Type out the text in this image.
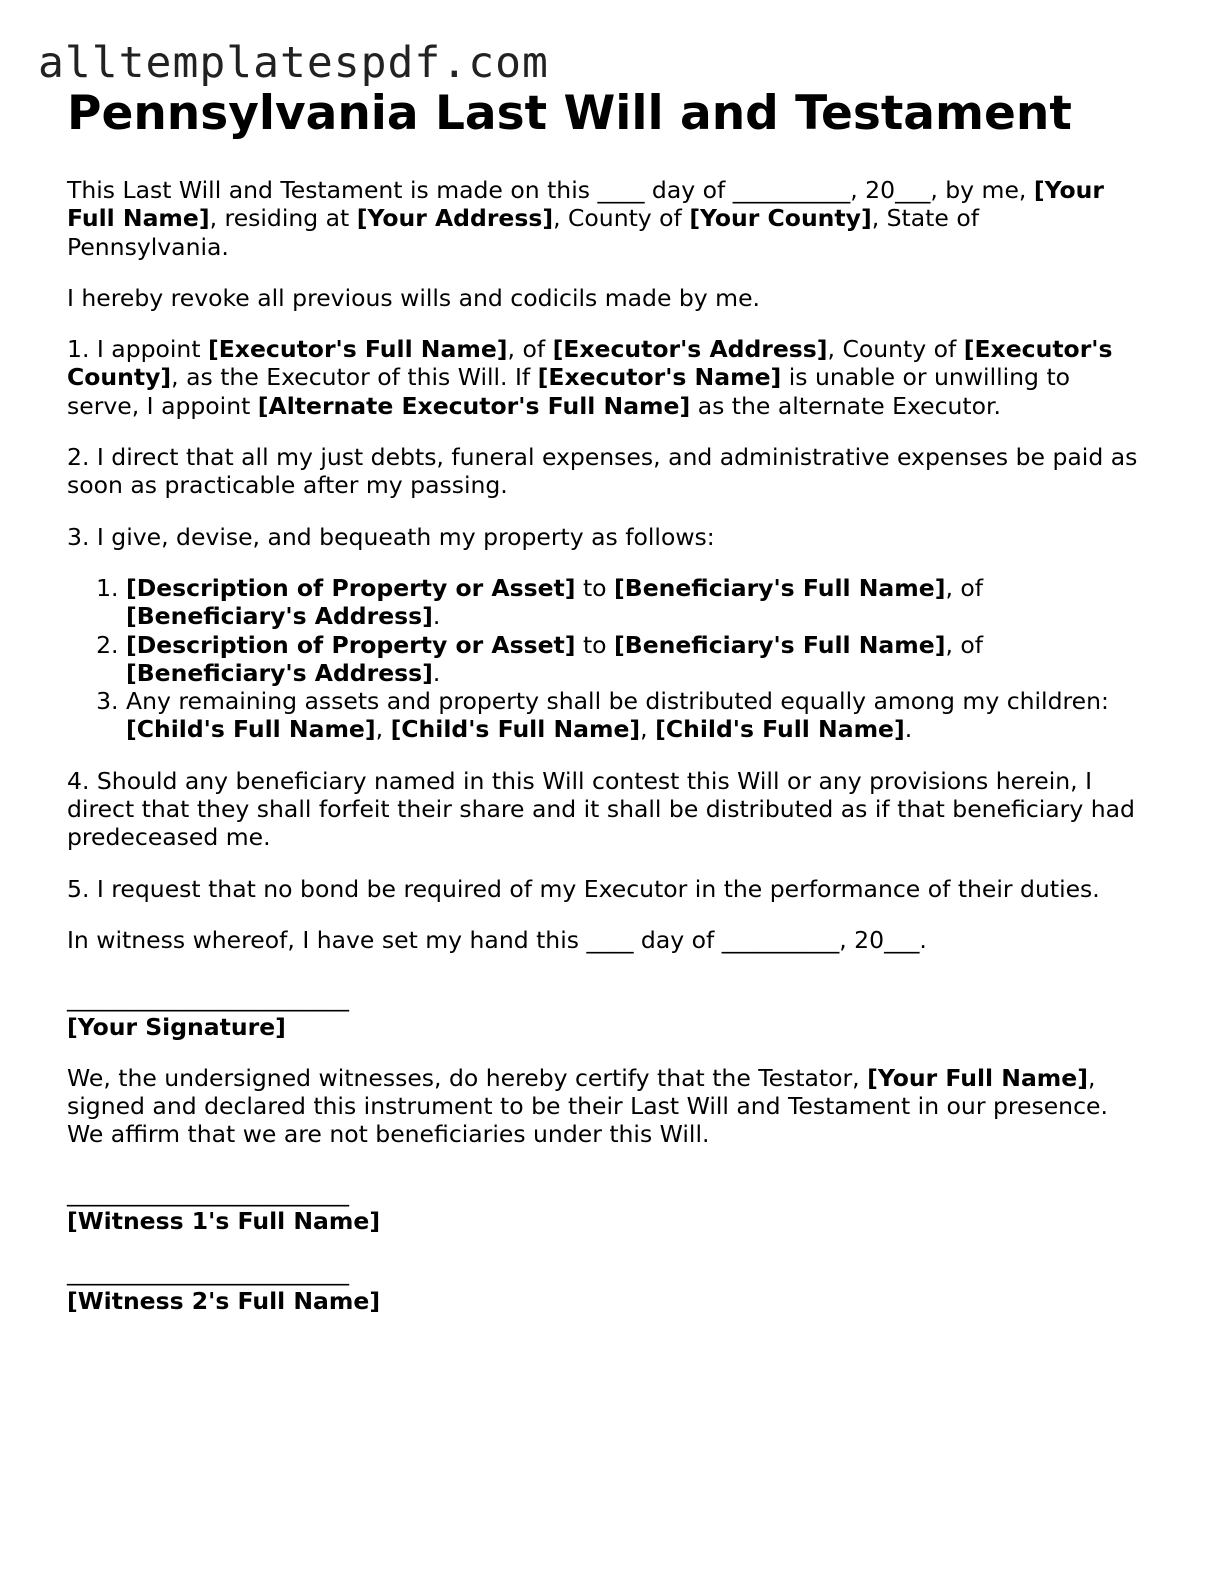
alltemplatespdf.com
Pennsylvania Last Will and Testament

This Last Will and Testament is made on this ____ day of __________, 20___, by me, [Your Full Name], residing at [Your Address], County of [Your County], State of Pennsylvania.

I hereby revoke all previous wills and codicils made by me.

1. I appoint [Executor's Full Name], of [Executor's Address], County of [Executor's County], as the Executor of this Will. If [Executor's Name] is unable or unwilling to serve, I appoint [Alternate Executor's Full Name] as the alternate Executor.

2. I direct that all my just debts, funeral expenses, and administrative expenses be paid as soon as practicable after my passing.

3. I give, devise, and bequeath my property as follows:

1. [Description of Property or Asset] to [Beneficiary's Full Name], of [Beneficiary's Address].
2. [Description of Property or Asset] to [Beneficiary's Full Name], of [Beneficiary's Address].
3. Any remaining assets and property shall be distributed equally among my children: [Child's Full Name], [Child's Full Name], [Child's Full Name].

4. Should any beneficiary named in this Will contest this Will or any provisions herein, I direct that they shall forfeit their share and it shall be distributed as if that beneficiary had predeceased me.

5. I request that no bond be required of my Executor in the performance of their duties.

In witness whereof, I have set my hand this ____ day of __________, 20___.

________________________
[Your Signature]

We, the undersigned witnesses, do hereby certify that the Testator, [Your Full Name], signed and declared this instrument to be their Last Will and Testament in our presence. We affirm that we are not beneficiaries under this Will.

________________________
[Witness 1's Full Name]
________________________
[Witness 2's Full Name]
